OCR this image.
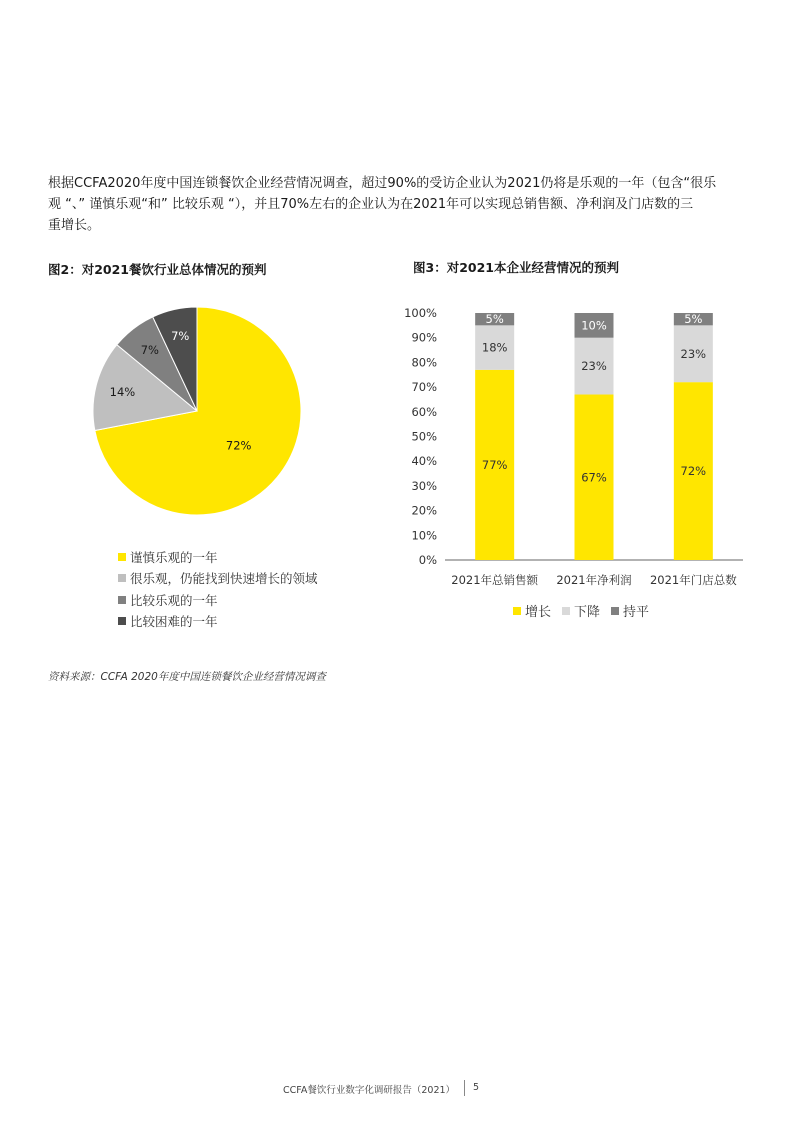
根据CCFA2020年度中国连锁餐饮企业经营情况调查，超过90%的受访企业认为2021仍将是乐观的一年（包含“很乐
观 “、” 谨慎乐观“和” 比较乐观 “），并且70%左右的企业认为在2021年可以实现总销售额、净利润及门店数的三
重增长。
图2：对2021餐饮行业总体情况的预判	图3：对2021本企业经营情况的预判
72%
14%
7%
7%
谨慎乐观的一年
很乐观，仍能找到快速增长的领域
比较乐观的一年
比较困难的一年
0%
10%
20%
30%
40%
50%
60%
70%
80%
90%
100%
77%
18%
5%
2021年总销售额
67%
23%
10%
2021年净利润
72%
23%
5%
2021年门店总数
增长 下降 持平
资料来源：CCFA 2020年度中国连锁餐饮企业经营情况调查
CCFA餐饮行业数字化调研报告（2021） 5
